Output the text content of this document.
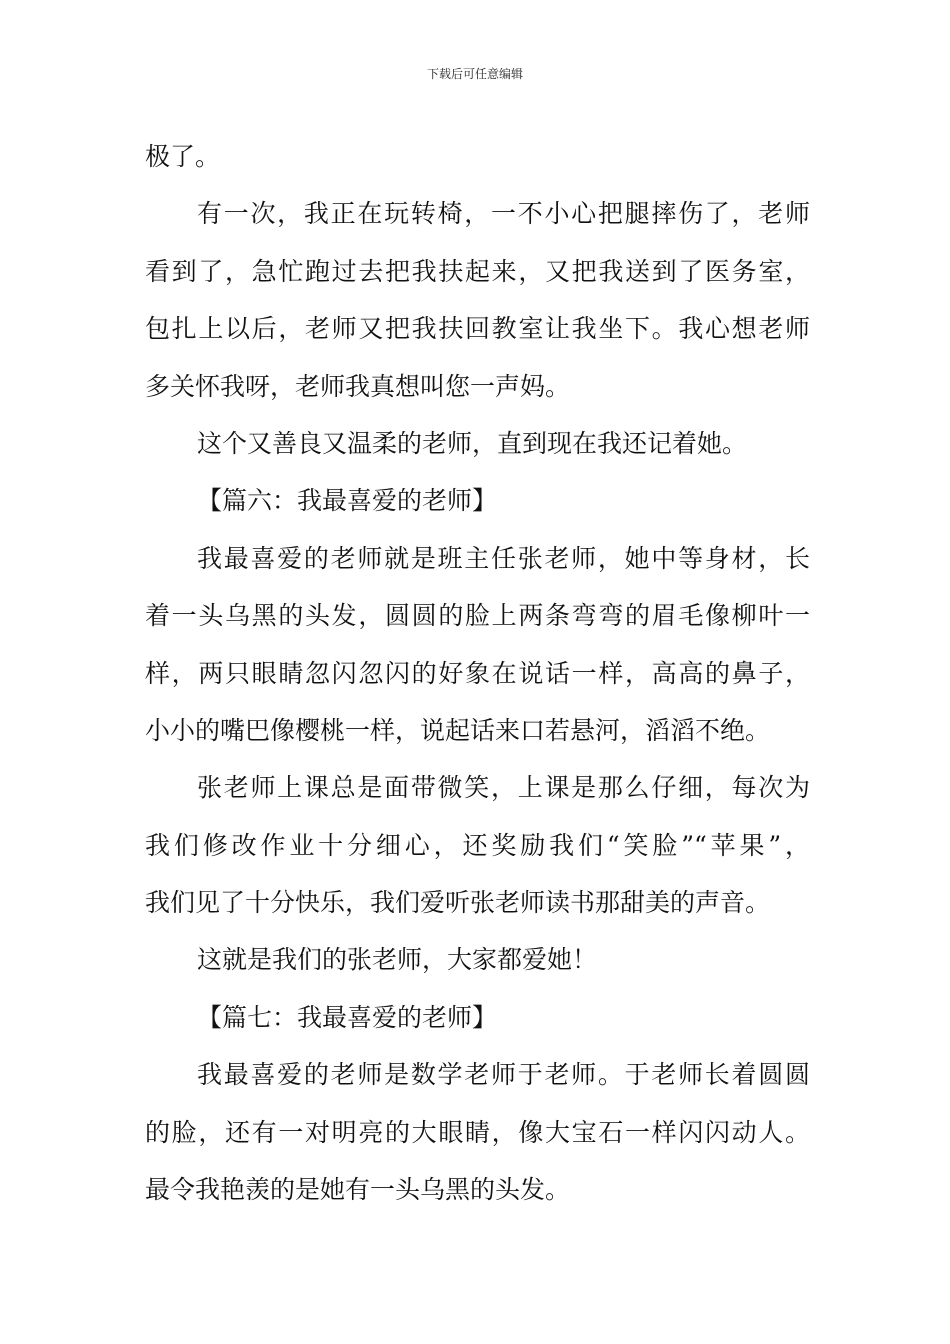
下载后可任意编辑
极了。
有一次，我正在玩转椅，一不小心把腿摔伤了，老师
看到了，急忙跑过去把我扶起来，又把我送到了医务室，
包扎上以后，老师又把我扶回教室让我坐下。我心想老师
多关怀我呀，老师我真想叫您一声妈。
这个又善良又温柔的老师，直到现在我还记着她。
【篇六：我最喜爱的老师】
我最喜爱的老师就是班主任张老师，她中等身材，长
着一头乌黑的头发，圆圆的脸上两条弯弯的眉毛像柳叶一
样，两只眼睛忽闪忽闪的好象在说话一样，高高的鼻子，
小小的嘴巴像樱桃一样，说起话来口若悬河，滔滔不绝。
张老师上课总是面带微笑，上课是那么仔细，每次为
我们修改作业十分细心，还奖励我们“笑脸”“苹果”，
我们见了十分快乐，我们爱听张老师读书那甜美的声音。
这就是我们的张老师，大家都爱她！
【篇七：我最喜爱的老师】
我最喜爱的老师是数学老师于老师。于老师长着圆圆
的脸，还有一对明亮的大眼睛，像大宝石一样闪闪动人。
最令我艳羡的是她有一头乌黑的头发。
